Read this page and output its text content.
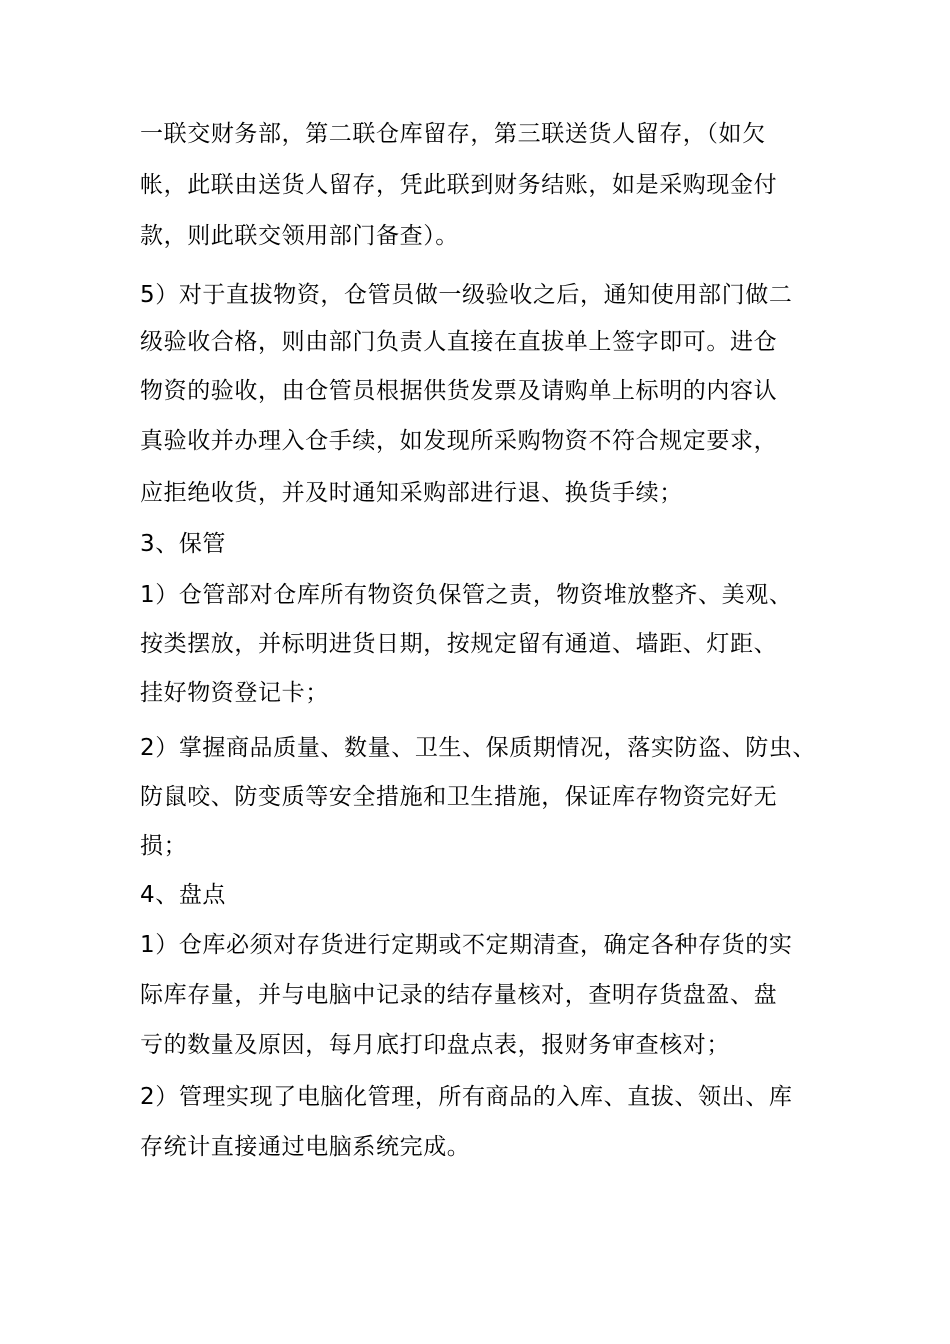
一联交财务部，第二联仓库留存，第三联送货人留存，（如欠
帐，此联由送货人留存，凭此联到财务结账，如是采购现金付
款，则此联交领用部门备查）。
5）对于直拔物资，仓管员做一级验收之后，通知使用部门做二
级验收合格，则由部门负责人直接在直拔单上签字即可。进仓
物资的验收，由仓管员根据供货发票及请购单上标明的内容认
真验收并办理入仓手续，如发现所采购物资不符合规定要求，
应拒绝收货，并及时通知采购部进行退、换货手续；
3、保管
1）仓管部对仓库所有物资负保管之责，物资堆放整齐、美观、
按类摆放，并标明进货日期，按规定留有通道、墙距、灯距、
挂好物资登记卡；
2）掌握商品质量、数量、卫生、保质期情况，落实防盗、防虫、
防鼠咬、防变质等安全措施和卫生措施，保证库存物资完好无
损；
4、盘点
1）仓库必须对存货进行定期或不定期清查，确定各种存货的实
际库存量，并与电脑中记录的结存量核对，查明存货盘盈、盘
亏的数量及原因，每月底打印盘点表，报财务审查核对；
2）管理实现了电脑化管理，所有商品的入库、直拔、领出、库
存统计直接通过电脑系统完成。
